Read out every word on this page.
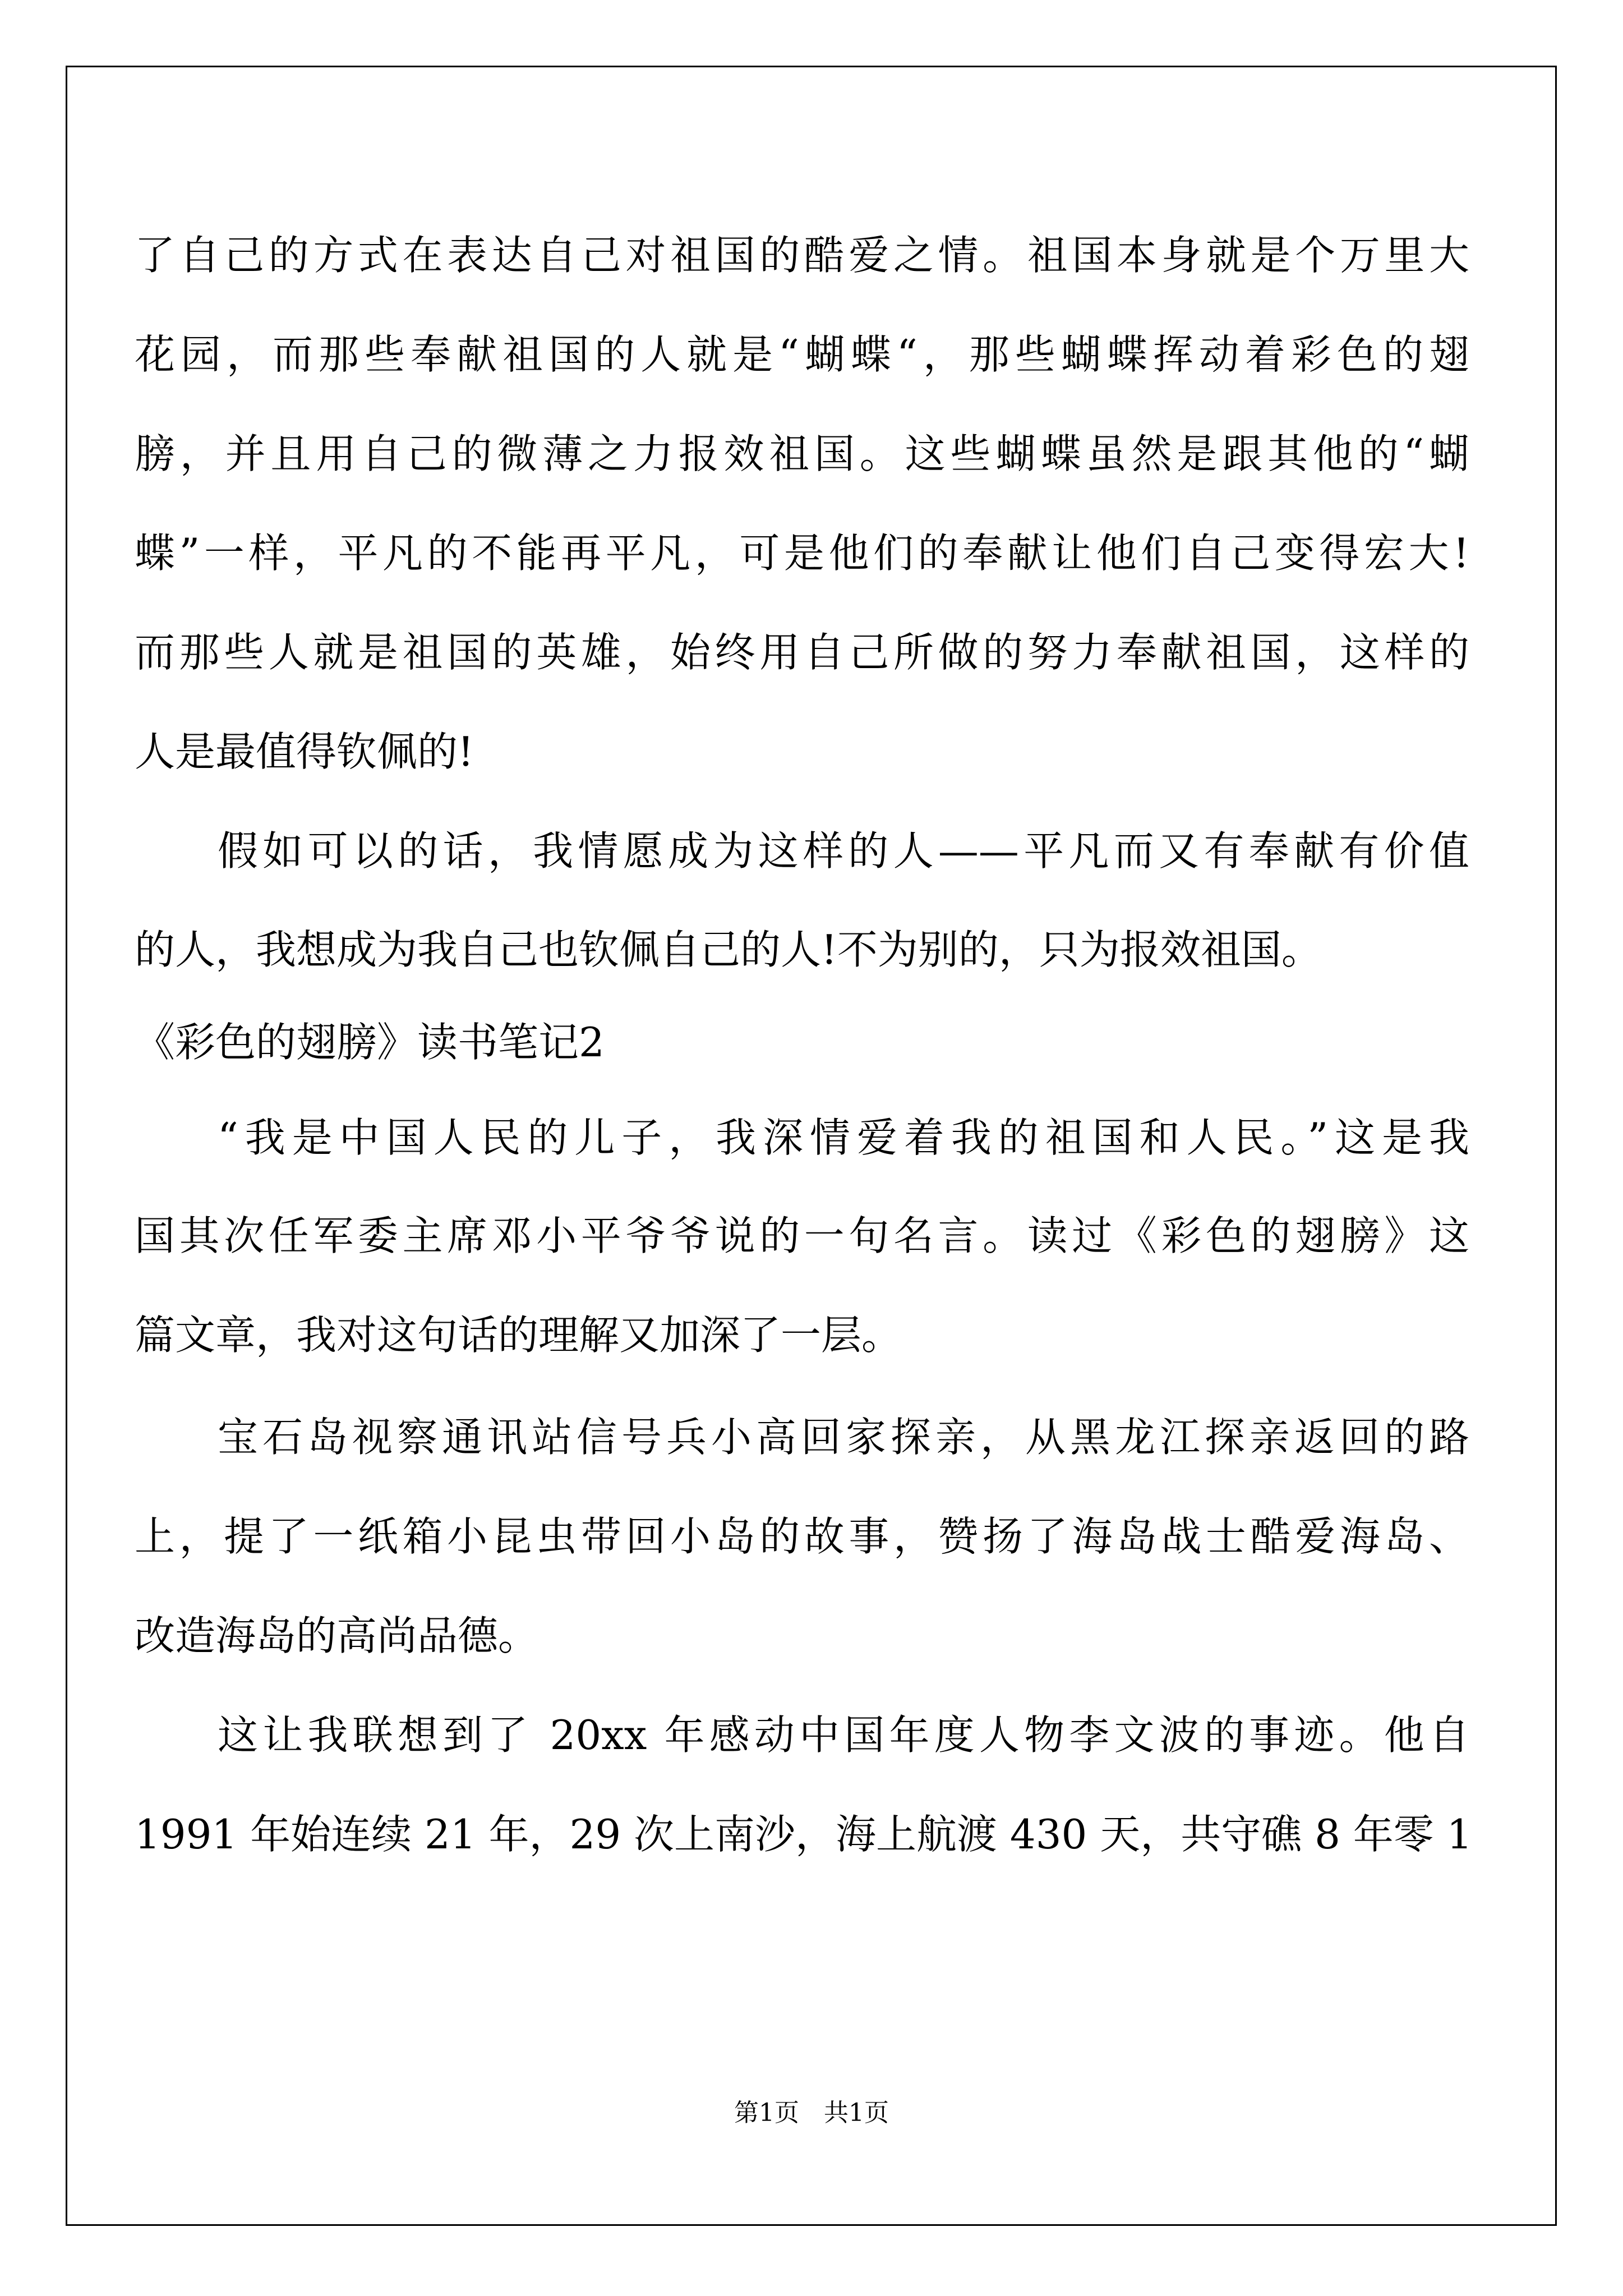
了自己的方式在表达自己对祖国的酷爱之情。祖国本身就是个万里大
花园，而那些奉献祖国的人就是“蝴蝶“，那些蝴蝶挥动着彩色的翅
膀，并且用自己的微薄之力报效祖国。这些蝴蝶虽然是跟其他的“蝴
蝶”一样，平凡的不能再平凡，可是他们的奉献让他们自己变得宏大!
而那些人就是祖国的英雄，始终用自己所做的努力奉献祖国，这样的
人是最值得钦佩的!
假如可以的话，我情愿成为这样的人——平凡而又有奉献有价值
的人，我想成为我自己也钦佩自己的人!不为别的，只为报效祖国。
《彩色的翅膀》读书笔记2
“我是中国人民的儿子，我深情爱着我的祖国和人民。”这是我
国其次任军委主席邓小平爷爷说的一句名言。读过《彩色的翅膀》这
篇文章，我对这句话的理解又加深了一层。
宝石岛视察通讯站信号兵小高回家探亲，从黑龙江探亲返回的路
上，提了一纸箱小昆虫带回小岛的故事，赞扬了海岛战士酷爱海岛、
改造海岛的高尚品德。
这让我联想到了 20xx 年感动中国年度人物李文波的事迹。他自
1991 年始连续 21 年，29 次上南沙，海上航渡 430 天，共守礁 8 年零 1
第1页　共1页
